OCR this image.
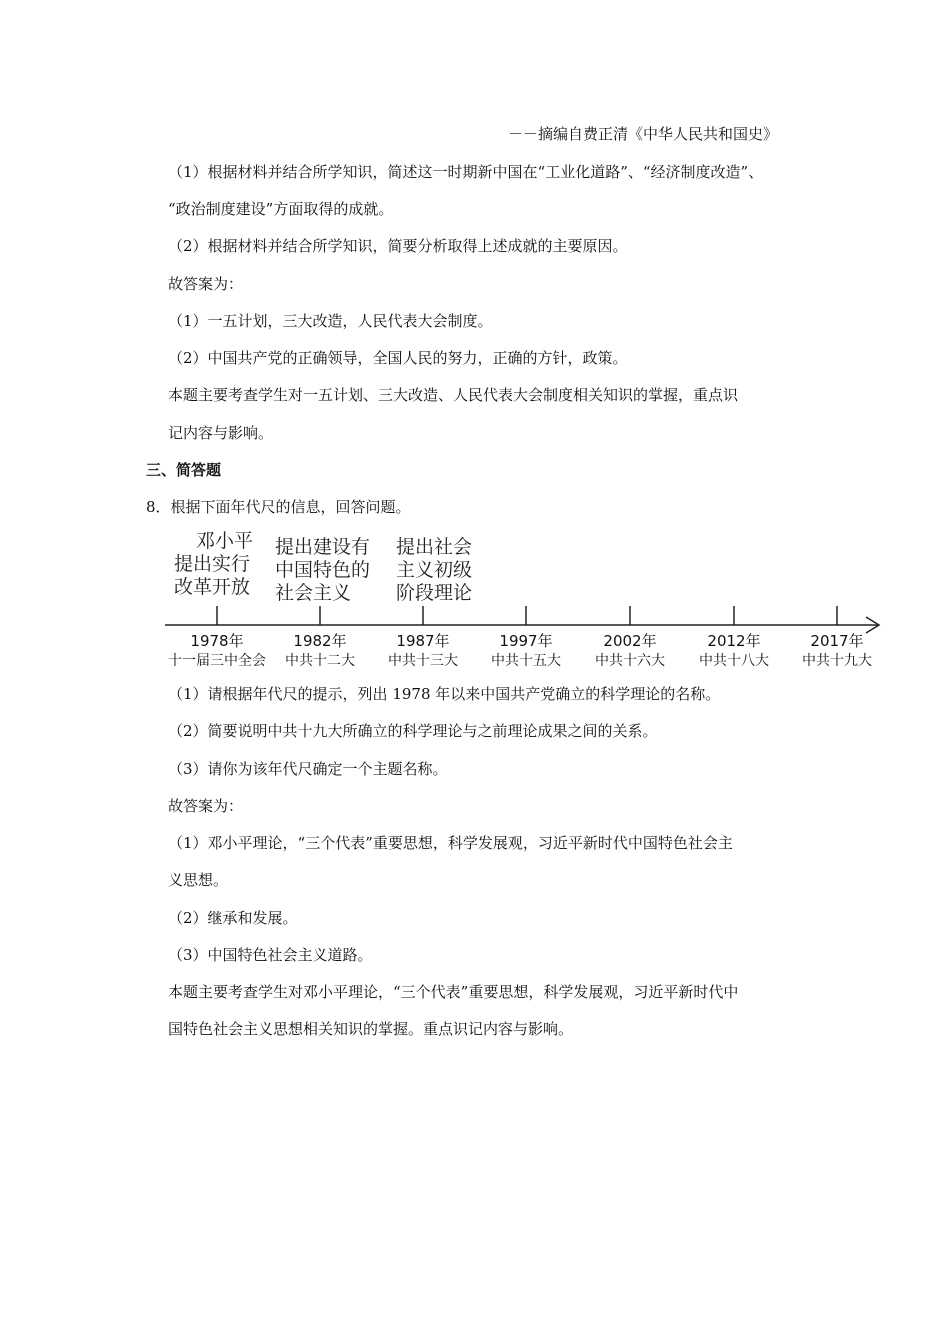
－－摘编自费正清《中华人民共和国史》
（1）根据材料并结合所学知识，简述这一时期新中国在“工业化道路”、“经济制度改造”、
“政治制度建设”方面取得的成就。
（2）根据材料并结合所学知识，简要分析取得上述成就的主要原因。
故答案为：
（1）一五计划，三大改造，人民代表大会制度。
（2）中国共产党的正确领导，全国人民的努力，正确的方针，政策。
本题主要考查学生对一五计划、三大改造、人民代表大会制度相关知识的掌握，重点识
记内容与影响。
三、简答题
8．根据下面年代尺的信息，回答问题。
邓小平
提出实行
改革开放
提出建设有
中国特色的
社会主义
提出社会
主义初级
阶段理论
1978年
十一届三中全会
1982年
中共十二大
1987年
中共十三大
1997年
中共十五大
2002年
中共十六大
2012年
中共十八大
2017年
中共十九大
（1）请根据年代尺的提示，列出 1978 年以来中国共产党确立的科学理论的名称。
（2）简要说明中共十九大所确立的科学理论与之前理论成果之间的关系。
（3）请你为该年代尺确定一个主题名称。
故答案为：
（1）邓小平理论，“三个代表”重要思想，科学发展观，习近平新时代中国特色社会主
义思想。
（2）继承和发展。
（3）中国特色社会主义道路。
本题主要考查学生对邓小平理论，“三个代表”重要思想，科学发展观，习近平新时代中
国特色社会主义思想相关知识的掌握。重点识记内容与影响。
